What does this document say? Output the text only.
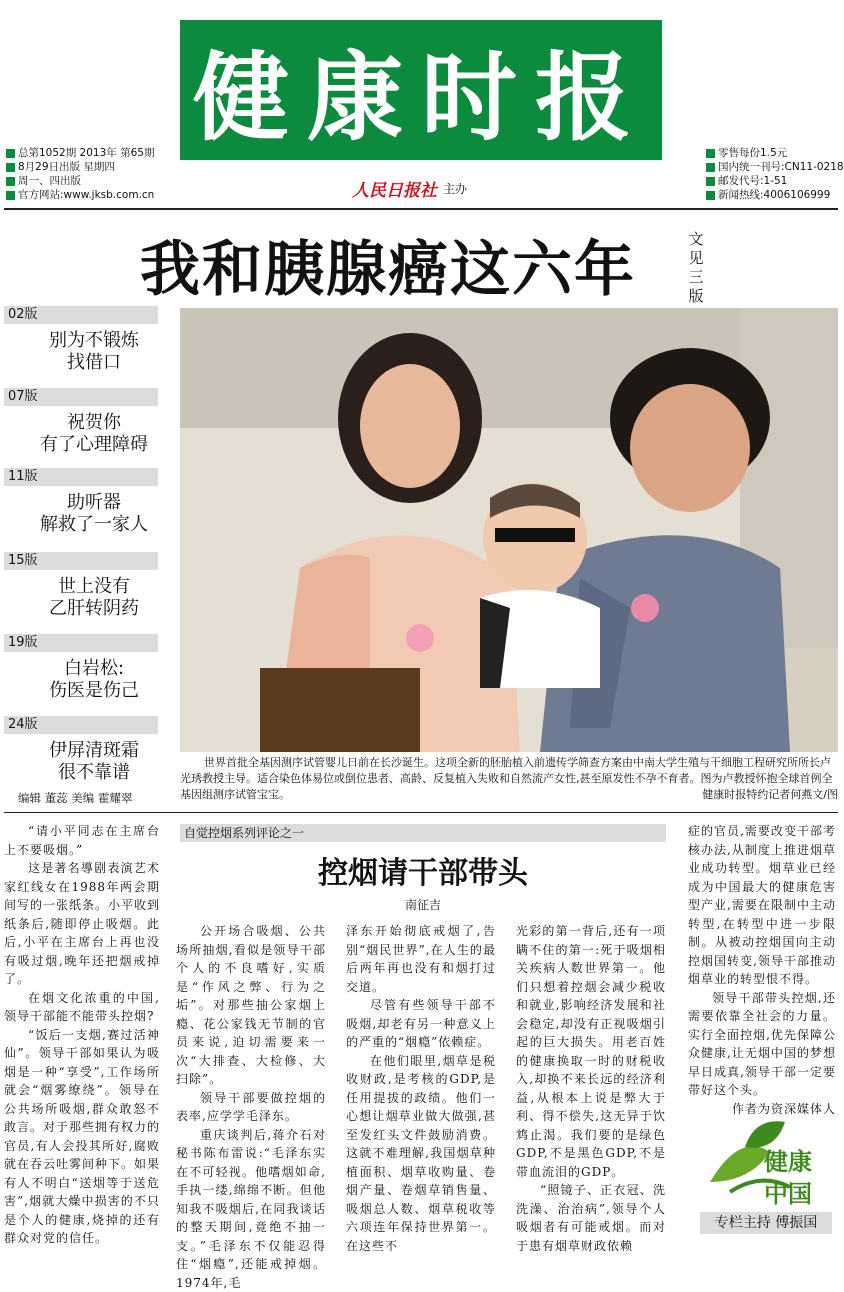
健康时报
总第1052期 2013年 第65期
8月29日出版 星期四
周一、四出版
官方网站:www.jksb.com.cn
零售每份1.5元
国内统一刊号:CN11-0218
邮发代号:1-51
新闻热线:4006106999
人民日报社 主办
我和胰腺癌这六年	文见三版
02版
别为不锻炼
找借口
07版
祝贺你
有了心理障碍
11版
助听器
解救了一家人
15版
世上没有
乙肝转阴药
19版
白岩松:
伤医是伤己
24版
伊屏清斑霜
很不靠谱
编辑 董蕊 美编 霍耀翠
世界首批全基因测序试管婴儿日前在长沙诞生。这项全新的胚胎植入前遗传学筛查方案由中南大学生殖与干细胞工程研究所所长卢光琇教授主导。适合染色体易位或倒位患者、高龄、反复植入失败和自然流产女性,甚至原发性不孕不育者。图为卢教授怀抱全球首例全基因组测序试管宝宝。	健康时报特约记者何燕文/图
自觉控烟系列评论之一
控烟请干部带头
南征吉

“请小平同志在主席台上不要吸烟。”

这是著名導剧表演艺术家红线女在1988年两会期间写的一张纸条。小平收到纸条后,随即停止吸烟。此后,小平在主席台上再也没有吸过烟,晚年还把烟戒掉了。

在烟文化浓重的中国,领导干部能不能带头控烟?

“饭后一支烟,赛过活神仙”。领导干部如果认为吸烟是一种“享受”,工作场所就会“烟雾缭绕”。领导在公共场所吸烟,群众敢怒不敢言。对于那些拥有权力的官员,有人会投其所好,腐败就在吞云吐雾间种下。如果有人不明白“送烟等于送危害”,烟就大燥中损害的不只是个人的健康,烧掉的还有群众对党的信任。

公开场合吸烟、公共场所抽烟,看似是领导干部个人的不良嗜好,实质是“作风之弊、行为之垢”。对那些抽公家烟上瘾、花公家钱无节制的官员来说,迫切需要来一次“大排查、大检修、大扫除”。

领导干部要做控烟的表率,应学学毛泽东。

重庆谈判后,蒋介石对秘书陈布雷说:“毛泽东实在不可轻视。他嗜烟如命,手执一缕,绵绵不断。但他知我不吸烟后,在同我谈话的整天期间,竟绝不抽一支。”毛泽东不仅能忍得住“烟瘾”,还能戒掉烟。1974年,毛

泽东开始彻底戒烟了,告别“烟民世界”,在人生的最后两年再也没有和烟打过交道。

尽管有些领导干部不吸烟,却老有另一种意义上的严重的“烟瘾”依赖症。

在他们眼里,烟草是税收财政,是考核的GDP,是任用提拔的政绩。他们一心想让烟草业做大做强,甚至发红头文件鼓励消费。这就不难理解,我国烟草种植面积、烟草收购量、卷烟产量、卷烟草销售量、吸烟总人数、烟草税收等六项连年保持世界第一。在这些不

光彩的第一背后,还有一项瞒不住的第一:死于吸烟相关疾病人数世界第一。他们只想着控烟会减少税收和就业,影响经济发展和社会稳定,却没有正视吸烟引起的巨大损失。用老百姓的健康换取一时的财税收入,却换不来长远的经济利益,从根本上说是弊大于利、得不偿失,这无异于饮鸩止渴。我们要的是绿色GDP,不是黑色GDP,不是带血流泪的GDP。

“照镜子、正衣冠、洗洗澡、治治病”,领导个人吸烟者有可能戒烟。而对于患有烟草财政依赖

症的官员,需要改变干部考核办法,从制度上推进烟草业成功转型。烟草业已经成为中国最大的健康危害型产业,需要在限制中主动转型,在转型中进一步限制。从被动控烟国向主动控烟国转变,领导干部推动烟草业的转型恨不得。

领导干部带头控烟,还需要依靠全社会的力量。实行全面控烟,优先保障公众健康,让无烟中国的梦想早日成真,领导干部一定要带好这个头。

作者为资深媒体人

健康
中国
专栏主持 傅振国
